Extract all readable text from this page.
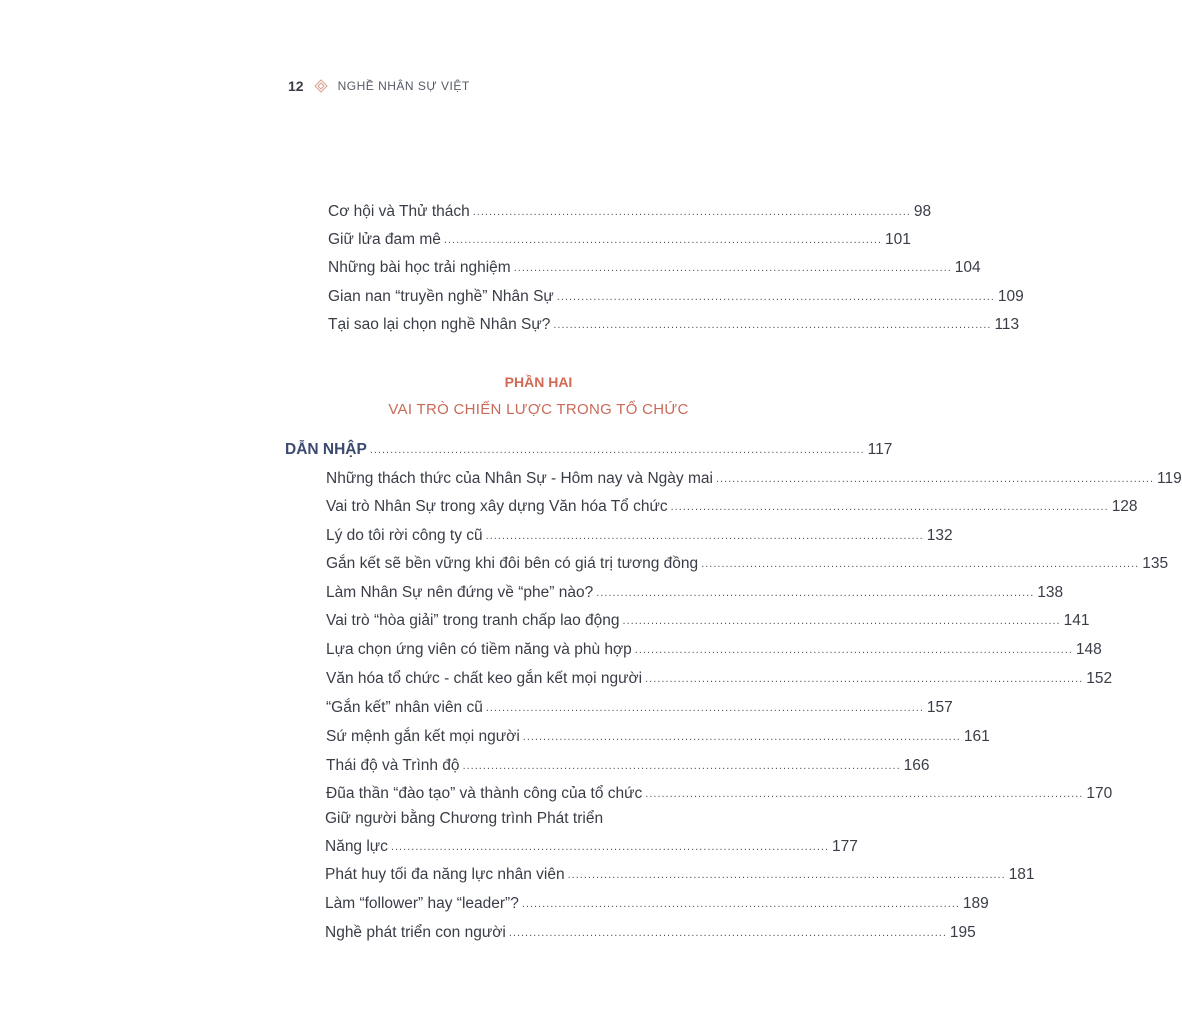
12	NGHỀ NHÂN SỰ VIỆT
Cơ hội và Thử thách ............................................................................................................ 98
Giữ lửa đam mê ............................................................................................................ 101
Những bài học trải nghiệm ............................................................................................................ 104
Gian nan “truyền nghề” Nhân Sự ............................................................................................................ 109
Tại sao lại chọn nghề Nhân Sự? ............................................................................................................ 113
PHẦN HAI
VAI TRÒ CHIẾN LƯỢC TRONG TỔ CHỨC
DẪN NHẬP .......................................................................................................................... 117
Những thách thức của Nhân Sự - Hôm nay và Ngày mai ............................................................................................................ 119
Vai trò Nhân Sự trong xây dựng Văn hóa Tổ chức ............................................................................................................ 128
Lý do tôi rời công ty cũ ............................................................................................................ 132
Gắn kết sẽ bền vững khi đôi bên có giá trị tương đồng ............................................................................................................ 135
Làm Nhân Sự nên đứng về “phe” nào? ............................................................................................................ 138
Vai trò “hòa giải” trong tranh chấp lao động ............................................................................................................ 141
Lựa chọn ứng viên có tiềm năng và phù hợp ............................................................................................................ 148
Văn hóa tổ chức - chất keo gắn kết mọi người ............................................................................................................ 152
“Gắn kết” nhân viên cũ ............................................................................................................ 157
Sứ mệnh gắn kết mọi người ............................................................................................................ 161
Thái độ và Trình độ ............................................................................................................ 166
Đũa thần “đào tạo” và thành công của tổ chức ............................................................................................................ 170
Giữ người bằng Chương trình Phát triển
Năng lực ............................................................................................................ 177
Phát huy tối đa năng lực nhân viên ............................................................................................................ 181
Làm “follower” hay “leader”? ............................................................................................................ 189
Nghề phát triển con người ............................................................................................................ 195
